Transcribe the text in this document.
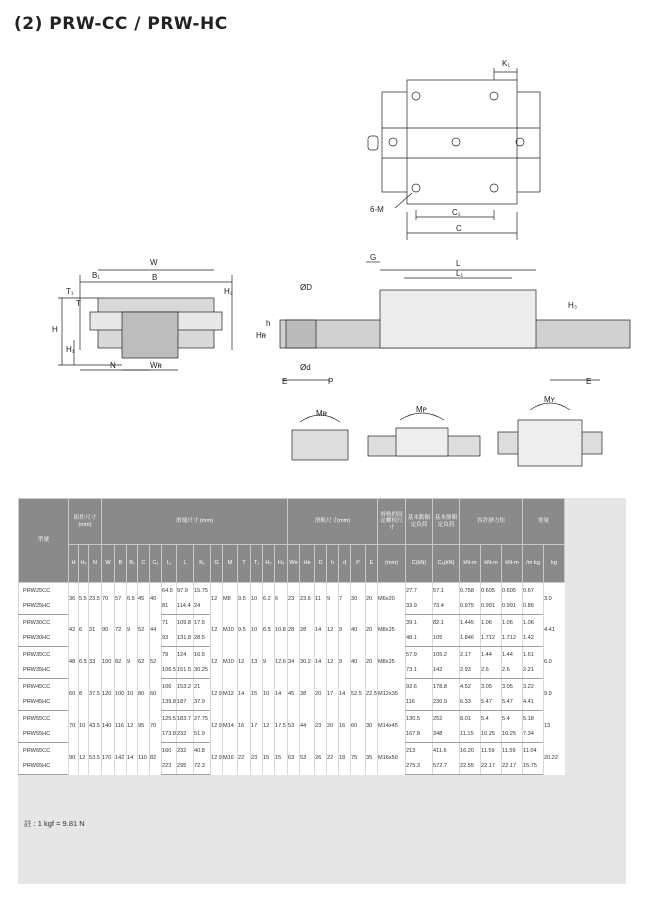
(2) PRW-CC / PRW-HC
K₁
6-M	C₁
C
W
B₁	B
T₁
T
H₂
H
H₁
N	Wʀ
ØD
Hʀ
h
Ød
E	P
G
L
L₁
H₃
E
Mʀ	Mᴘ
Mʏ
型號	組件尺寸 (mm)			滑塊尺寸 (mm)														滑軌尺寸(mm)							滑軌的固定螺栓尺寸	基本動額定負荷	基本靜額定負荷	容許靜力矩			重量	
	H	H₁	N	W	B	B₁	C	C₁	L₁	L	K₁	G	M	T	T₁	H₂	H₃	Wʀ	Hʀ	D	h	d	P	E	(mm)	C(kN)	C₀(kN)	kN-m	kN-m	kN-m	/m kg	kg
PRW25CC	36	5.5	23.5	70	57	6.5	45	40	64.5	97.9	15.75	12	M8	9.5	10	6.2	6	23	23.6	11	9	7	30	20	M6x20	27.7	57.1	0.758	0.605	0.605	0.67	3.0
PRW25HC									81	114.4	24															33.9	73.4	0.975	0.991	0.991	0.86	
PRW30CC	42	6	31	90	72	9	52	44	71	109.8	17.5	12	M10	9.5	10	6.5	10.8	28	28	14	12	9	40	20	M8x25	39.1	82.1	1.445	1.06	1.06	1.06	4.41
PRW30HC									93	131.8	28.5															48.1	105	1.846	1.712	1.712	1.42	
PRW35CC	48	6.5	33	100	82	9	62	52	79	124	16.5	12	M10	12	13	9	12.6	34	30.2	14	12	9	40	20	M8x25	57.9	105.2	2.17	1.44	1.44	1.61	6.0
PRW35HC									106.5	151.5	30.25															73.1	142	2.93	2.6	2.6	2.21	
PRW45CC	60	8	37.5	120	100	10	80	60	106	153.2	21	12.9	M12	14	15	10	14	45	38	20	17	14	52.5	22.5	M12x35	92.6	178.8	4.52	3.05	3.05	3.22	9.9
PRW45HC									139.8	187	37.9															116	230.9	6.33	5.47	5.47	4.41	
PRW55CC	70	10	43.5	140	116	12	95	70	125.5	183.7	27.75	12.9	M14	16	17	12	17.5	53	44	23	20	16	60	30	M14x45	130.5	252	8.01	5.4	5.4	5.18	13
PRW55HC									173.8	232	51.9															167.8	348	11.15	10.25	10.25	7.34	
PRW65CC	90	12	53.5	170	142	14	110	82	160	232	40.8	12.9	M16	22	23	15	15	63	53	26	22	18	75	35	M16x50	213	411.6	16.20	11.59	11.59	11.04	20.22
PRW65HC									223	295	72.3															275.3	572.7	22.55	22.17	22.17	15.75	
註 : 1 kgf = 9.81 N
